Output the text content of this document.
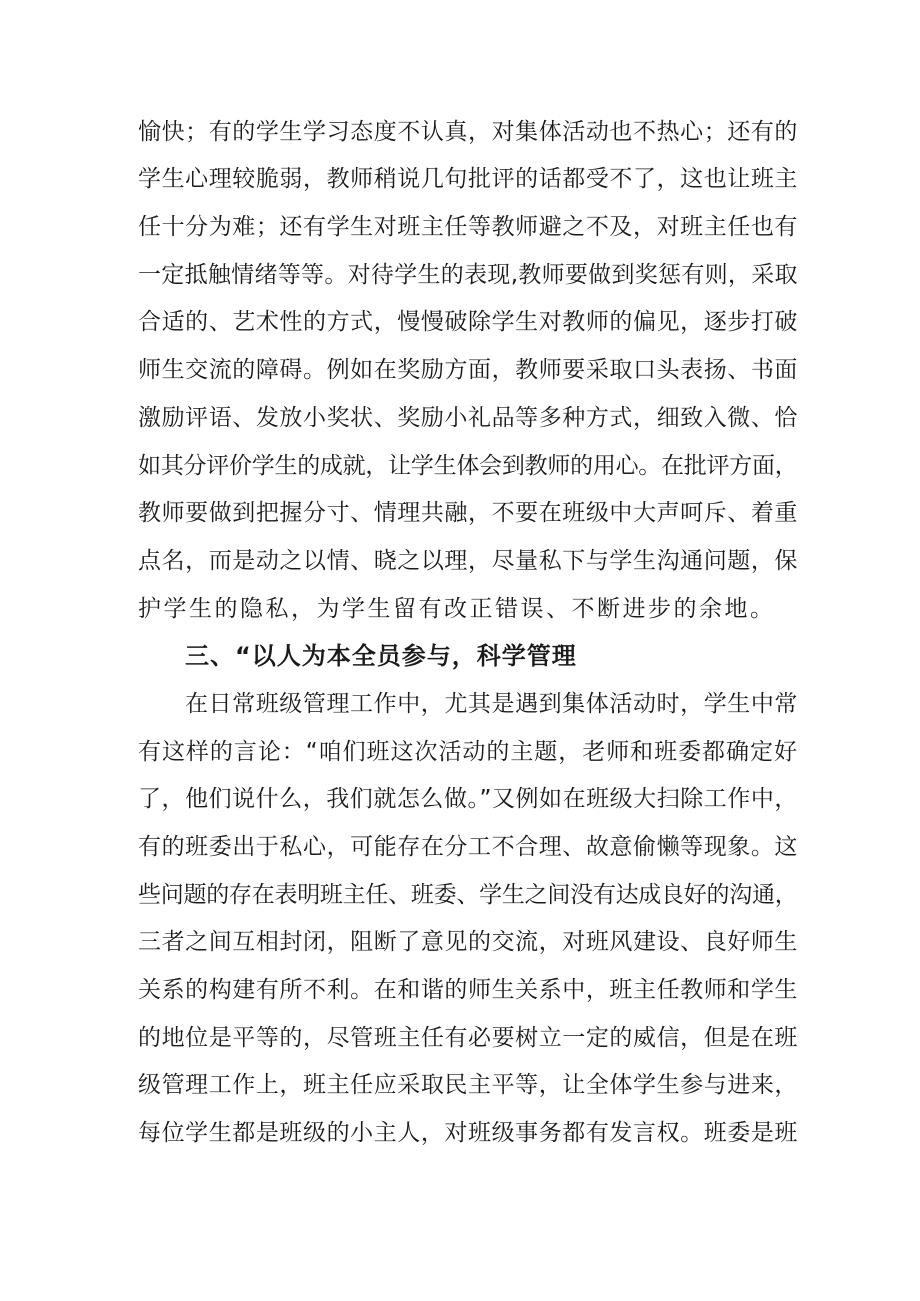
愉快；有的学生学习态度不认真，对集体活动也不热心；还有的
学生心理较脆弱，教师稍说几句批评的话都受不了，这也让班主
任十分为难；还有学生对班主任等教师避之不及，对班主任也有
一定抵触情绪等等。对待学生的表现,教师要做到奖惩有则，采取
合适的、艺术性的方式，慢慢破除学生对教师的偏见，逐步打破
师生交流的障碍。例如在奖励方面，教师要采取口头表扬、书面
激励评语、发放小奖状、奖励小礼品等多种方式，细致入微、恰
如其分评价学生的成就，让学生体会到教师的用心。在批评方面，
教师要做到把握分寸、情理共融，不要在班级中大声呵斥、着重
点名，而是动之以情、晓之以理，尽量私下与学生沟通问题，保
护学生的隐私，为学生留有改正错误、不断进步的余地。
三、“以人为本全员参与，科学管理
在日常班级管理工作中，尤其是遇到集体活动时，学生中常
有这样的言论：“咱们班这次活动的主题，老师和班委都确定好
了，他们说什么，我们就怎么做。”又例如在班级大扫除工作中，
有的班委出于私心，可能存在分工不合理、故意偷懒等现象。这
些问题的存在表明班主任、班委、学生之间没有达成良好的沟通，
三者之间互相封闭，阻断了意见的交流，对班风建设、良好师生
关系的构建有所不利。在和谐的师生关系中，班主任教师和学生
的地位是平等的，尽管班主任有必要树立一定的威信，但是在班
级管理工作上，班主任应采取民主平等，让全体学生参与进来，
每位学生都是班级的小主人，对班级事务都有发言权。班委是班
